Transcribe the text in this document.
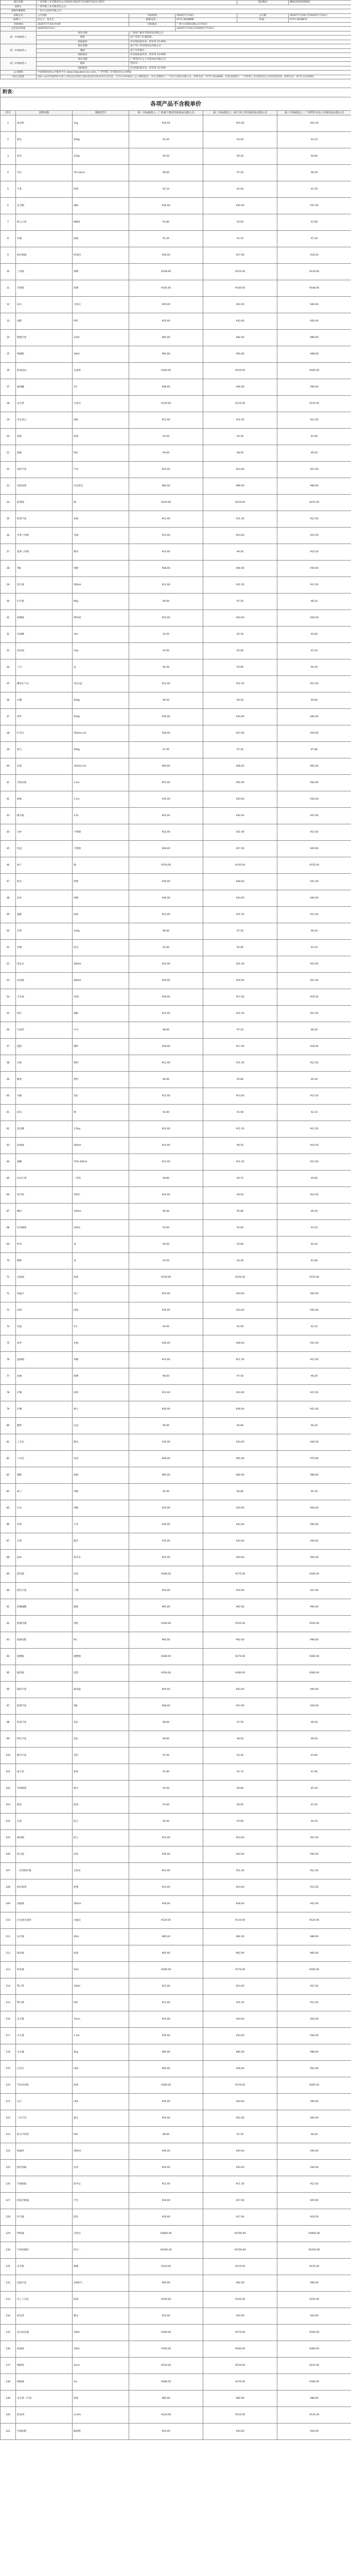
项目名称	广西华银工业有限责任公司2020-2022年劳动保护用品定点供应			项目编号	BMA2020109001
采购人	广西华银工业有限责任公司				
采购代理机构	广西兴元招标有限公司				
采购方式	公开招标	开标时间	2020年7月10日	公示期	2020年7月20日至2020年7月22日
联系人：	赵女士、张先生	联系电话：	0771-2618896	传真：	0771-2618872
开标时间	2020年7月10日9:00	开标地点	广西兴元招标有限公司开标室		
公告发布时间	2020年6月22日		2020年7月20日至2020年7月22日		
第一中标候选人	单位名称	广西南宁惠泽劳保用品有限公司			
	地址	南宁市邕宁区蒲庙镇…			
	投标报价	详见投标报价表，折扣率 15.00%			
第二中标候选人	单位名称	南宁市仁祥劳保用品有限公司			
	地址	南宁市青秀区…			
	投标报价	详见投标报价表，折扣率 13.00%			
第三中标候选人	单位名称	广西凭祥市众人劳保用品有限公司			
	地址	凭祥市…			
	投标报价	详见投标报价表，折扣率 12.50%			
公示媒体	中国招标投标公共服务平台 www.cebpubservice.com、广西华银工业有限责任公司网站				
异议与投诉	投标人或者其他利害关系人对依法必须进行招标项目的评标结果有异议的，应当在中标候选人公示期间提出。异议受理部门：广西兴元招标有限公司，联系电话：0771-2618896。投诉受理部门：广西华银工业有限责任公司纪检监察部，联系电话：0771-2310560。				
附表：					
各项产品不含税单价					
序号	货物名称	规格/型号	第一中标候选人：广西南宁惠泽劳保用品有限公司	第二中标候选人：南宁市仁祥劳保用品有限公司	第三中标候选人：广西凭祥市众人劳保用品有限公司
1	洗衣粉	1kg	¥16.50	¥15.00	¥16.20
2	肥皂	250g	¥3.20	¥3.00	¥3.10
3	香皂	125g	¥4.50	¥4.20	¥4.60
4	毛巾	70×34cm	¥8.00	¥7.50	¥8.20
5	手套	纱线	¥2.10	¥2.00	¥2.20
6	安全帽	ABS	¥36.00	¥35.00	¥37.00
7	防尘口罩	KN95	¥3.80	¥3.60	¥3.90
8	耳塞	泡棉	¥1.20	¥1.10	¥1.30
9	防护眼镜	PC镜片	¥18.00	¥17.00	¥18.50
10	工作服	涤棉	¥128.00	¥125.00	¥130.00
11	劳保鞋	防砸	¥145.00	¥140.00	¥148.00
12	雨衣	分体式	¥45.00	¥43.00	¥46.00
13	雨鞋	PVC	¥35.00	¥33.00	¥36.00
14	绝缘手套	12kV	¥85.00	¥82.00	¥88.00
15	绝缘鞋	10kV	¥95.00	¥92.00	¥98.00
16	防毒面具	全面罩	¥160.00	¥155.00	¥165.00
17	滤毒罐	3号	¥48.00	¥46.00	¥49.00
18	安全带	全身式	¥120.00	¥115.00	¥125.00
19	反光背心	涤纶	¥12.00	¥11.00	¥12.50
20	袖套	防油	¥3.50	¥3.30	¥3.60
21	围裙	PVC	¥9.00	¥8.50	¥9.20
22	电焊手套	牛皮	¥15.00	¥14.00	¥15.50
23	电焊面罩	自动变光	¥85.00	¥80.00	¥88.00
24	防寒服	棉	¥220.00	¥210.00	¥225.00
25	防寒手套	加绒	¥12.00	¥11.50	¥12.50
26	冬季工作帽	毛线	¥15.00	¥14.00	¥15.50
27	夏季工作帽	棉布	¥10.00	¥9.50	¥10.50
28	T恤	纯棉	¥38.00	¥36.00	¥39.00
29	洗手液	500ml	¥12.00	¥11.50	¥12.50
30	护手霜	80g	¥8.00	¥7.50	¥8.20
31	防晒霜	SPF30	¥25.00	¥24.00	¥26.00
32	风油精	3ml	¥2.50	¥2.30	¥2.60
33	清凉油	10g	¥3.00	¥2.80	¥3.10
34	人丹	盒	¥4.00	¥3.80	¥4.20
35	藿香正气水	10支/盒	¥12.00	¥11.50	¥12.50
36	白糖	500g	¥6.50	¥6.20	¥6.80
37	茶叶	250g	¥45.00	¥43.00	¥46.00
38	矿泉水	550ml×24	¥28.00	¥27.00	¥29.00
39	绿豆	500g	¥7.50	¥7.20	¥7.80
40	凉茶	310ml×24	¥60.00	¥58.00	¥62.00
41	劳保凉席	1.2m	¥55.00	¥52.00	¥56.00
42	蚊帐	1.2m	¥35.00	¥33.00	¥36.00
43	暖水瓶	3.2L	¥32.00	¥30.00	¥33.00
44	水杯	不锈钢	¥22.00	¥21.00	¥23.00
45	饭盒	不锈钢	¥28.00	¥27.00	¥29.00
46	被子	棉	¥150.00	¥145.00	¥155.00
47	枕头	纤维	¥30.00	¥28.00	¥31.00
48	床单	纯棉	¥45.00	¥43.00	¥46.00
49	拖鞋	EVA	¥12.00	¥11.50	¥12.50
50	牙膏	120g	¥8.00	¥7.50	¥8.20
51	牙刷	软毛	¥3.00	¥2.80	¥3.10
52	洗发水	400ml	¥22.00	¥21.00	¥23.00
53	沐浴露	400ml	¥20.00	¥19.00	¥21.00
54	卫生纸	10卷	¥18.00	¥17.00	¥18.50
55	纸巾	抽纸	¥12.00	¥11.50	¥12.50
56	垃圾袋	中号	¥8.00	¥7.50	¥8.20
57	拖把	棉纱	¥18.00	¥17.00	¥18.50
58	扫把	塑料	¥12.00	¥11.50	¥12.50
59	簸箕	塑料	¥6.00	¥5.80	¥6.20
60	水桶	15L	¥15.00	¥14.00	¥15.50
61	抹布	棉	¥2.00	¥1.90	¥2.10
62	洗洁精	1.5kg	¥12.00	¥11.50	¥12.50
63	消毒液	500ml	¥10.00	¥9.50	¥10.50
64	酒精	75% 500ml	¥12.00	¥11.50	¥12.50
65	医用口罩	一次性	¥0.80	¥0.75	¥0.85
66	创可贴	100片	¥10.00	¥9.50	¥10.50
67	碘伏	100ml	¥6.00	¥5.80	¥6.20
68	医用棉签	100支	¥3.00	¥2.80	¥3.10
69	纱布	卷	¥4.00	¥3.80	¥4.20
70	绷带	卷	¥3.50	¥3.30	¥3.60
71	急救箱	标准	¥150.00	¥145.00	¥155.00
72	体温计	电子	¥25.00	¥24.00	¥26.00
73	电筒	LED	¥35.00	¥33.00	¥36.00
74	电池	5号	¥2.00	¥1.90	¥2.10
75	雨伞	长柄	¥30.00	¥28.00	¥31.00
76	遮阳帽	草帽	¥12.00	¥11.50	¥12.50
77	冰袖	防晒	¥8.00	¥7.50	¥8.20
78	护膝	加厚	¥15.00	¥14.00	¥15.50
79	护腰	弹力	¥30.00	¥28.00	¥31.00
80	腕带	运动	¥6.00	¥5.80	¥6.20
81	工具包	帆布	¥35.00	¥33.00	¥36.00
82	工作包	双肩	¥68.00	¥65.00	¥70.00
83	棉鞋	加绒	¥85.00	¥82.00	¥88.00
84	袜子	纯棉	¥5.00	¥4.80	¥5.20
85	内衣	纯棉	¥25.00	¥24.00	¥26.00
86	皮带	牛皮	¥45.00	¥43.00	¥46.00
87	耳罩	隔音	¥35.00	¥33.00	¥36.00
88	面屏	防冲击	¥25.00	¥24.00	¥26.00
89	防化服	连体	¥180.00	¥175.00	¥185.00
90	防化手套	丁腈	¥20.00	¥19.00	¥21.00
91	防酸碱靴	橡胶	¥65.00	¥62.00	¥66.00
92	防静电服	涤纶	¥160.00	¥155.00	¥165.00
93	防静电鞋	PU	¥95.00	¥92.00	¥98.00
94	阻燃服	阻燃棉	¥280.00	¥270.00	¥285.00
95	隔热服	铝箔	¥350.00	¥340.00	¥360.00
96	隔热手套	耐高温	¥45.00	¥43.00	¥46.00
97	防割手套	5级	¥28.00	¥27.00	¥29.00
98	乳胶手套	加长	¥8.00	¥7.50	¥8.20
99	PVC手套	加长	¥9.00	¥8.50	¥9.20
100	帆布手套	双层	¥3.50	¥3.30	¥3.60
101	线手套	加厚	¥1.80	¥1.70	¥1.90
102	劳保鞋垫	吸汗	¥5.00	¥4.80	¥5.20
103	鞋套	防滑	¥1.00	¥0.95	¥1.05
104	头套	防尘	¥4.00	¥3.80	¥4.20
105	披肩帽	防尘	¥15.00	¥14.00	¥15.50
106	防尘服	连体	¥45.00	¥43.00	¥46.00
107	一次性防护服	无纺布	¥12.00	¥11.50	¥12.50
108	防护眼罩	防雾	¥15.00	¥14.00	¥15.50
109	洗眼液	500ml	¥30.00	¥28.00	¥31.00
110	应急逃生面罩	过滤式	¥120.00	¥115.00	¥125.00
111	安全绳	20m	¥85.00	¥82.00	¥88.00
112	缓冲器	标准	¥65.00	¥62.00	¥66.00
113	防坠器	10m	¥180.00	¥175.00	¥185.00
114	警示带	100m	¥15.00	¥14.00	¥15.50
115	警示牌	PVC	¥12.00	¥11.50	¥12.50
116	反光锥	70cm	¥25.00	¥24.00	¥26.00
117	灭火毯	1.2m	¥35.00	¥33.00	¥36.00
118	灭火器	4kg	¥85.00	¥82.00	¥88.00
119	应急灯	LED	¥60.00	¥58.00	¥62.00
120	手持对讲机	标准	¥280.00	¥270.00	¥285.00
121	头灯	LED	¥45.00	¥43.00	¥46.00
122	工作手电	强光	¥55.00	¥52.00	¥56.00
123	防水手机袋	PVC	¥8.00	¥7.50	¥8.20
124	保温杯	500ml	¥45.00	¥43.00	¥46.00
125	防护围裙	皮革	¥35.00	¥33.00	¥36.00
126	劳保眼镜	防冲击	¥12.00	¥11.50	¥12.50
127	防蓝光眼镜	平光	¥28.00	¥27.00	¥29.00
128	护目镜	防化	¥18.00	¥17.00	¥18.50
129	呼吸器	自给式	¥3800.00	¥3700.00	¥3850.00
130	气体检测仪	四合一	¥2200.00	¥2150.00	¥2250.00
131	安全鞋	绝缘	¥120.00	¥115.00	¥125.00
132	高温手套	1000℃	¥95.00	¥92.00	¥98.00
133	电工工具包	标准	¥150.00	¥145.00	¥155.00
134	验电笔	数显	¥25.00	¥24.00	¥26.00
135	高压验电器	10kV	¥180.00	¥175.00	¥185.00
136	接地线	10kV	¥350.00	¥340.00	¥360.00
137	绝缘垫	5mm	¥220.00	¥210.00	¥225.00
138	绝缘梯	2m	¥380.00	¥370.00	¥390.00
139	安全带（半身）	标准	¥85.00	¥82.00	¥88.00
140	防坠网	3×6m	¥120.00	¥115.00	¥125.00
141	劳保胶鞋	解放鞋	¥25.00	¥24.00	¥26.00
